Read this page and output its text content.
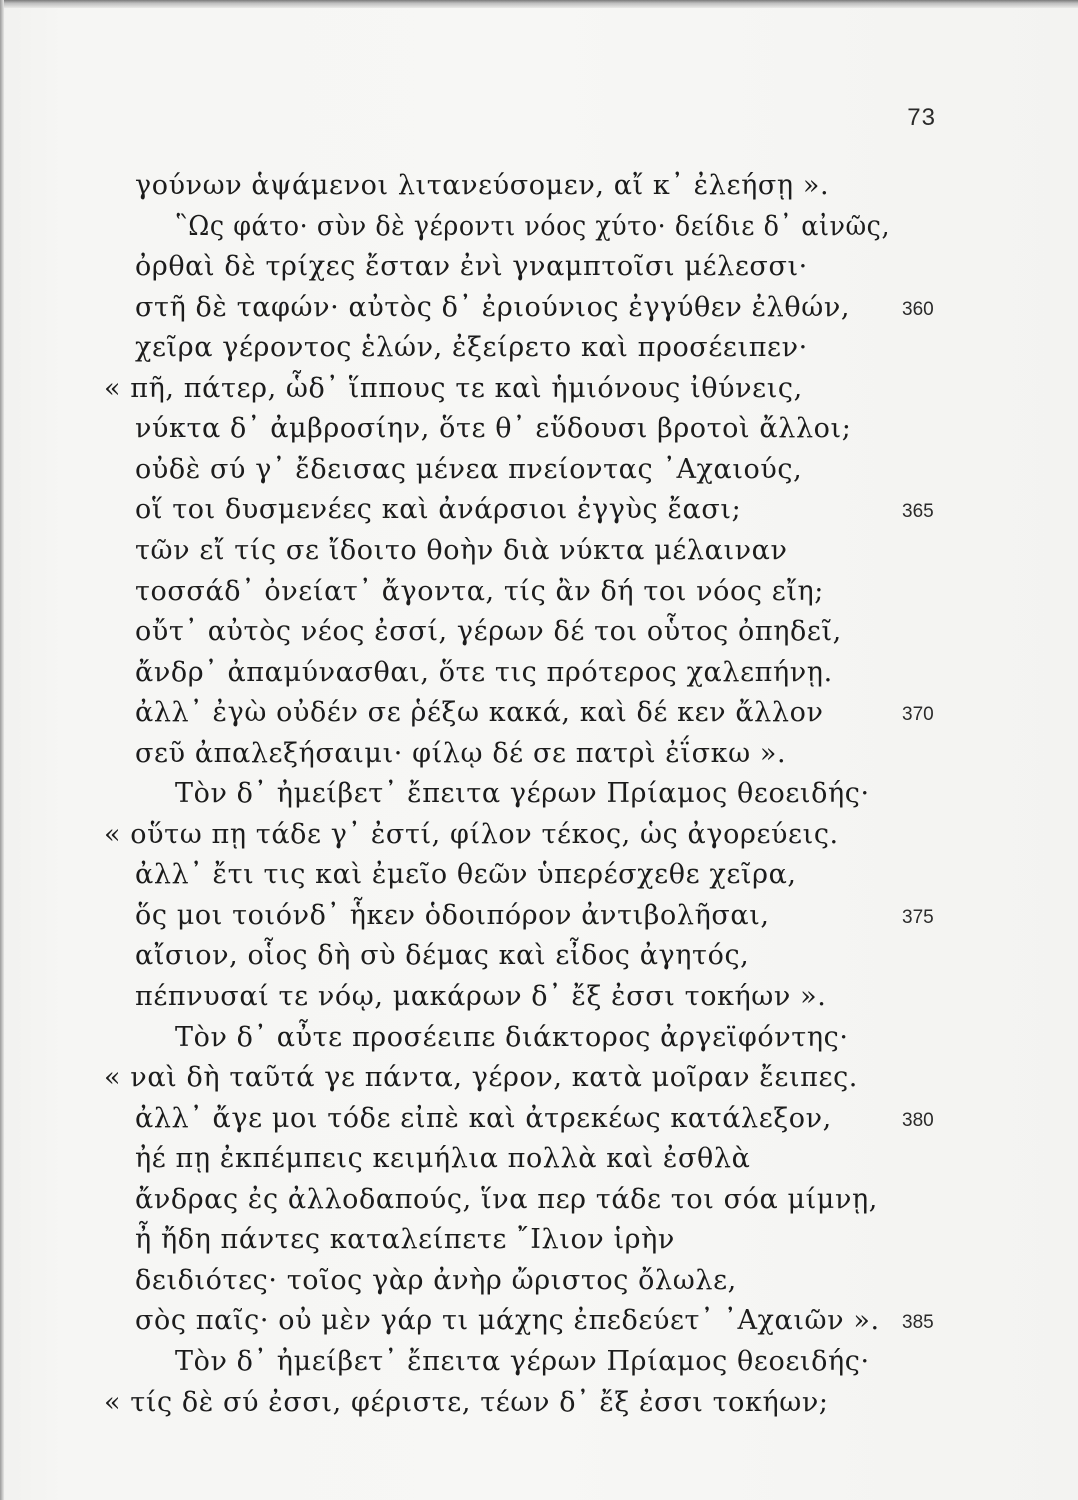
73
γούνων ἁψάμενοι λιτανεύσομεν, αἴ κ᾽ ἐλεήσῃ ».
῝Ως φάτο· σὺν δὲ γέροντι νόος χύτο· δείδιε δ᾽ αἰνῶς,
ὀρθαὶ δὲ τρίχες ἔσταν ἐνὶ γναμπτοῖσι μέλεσσι·
στῆ δὲ ταφών· αὐτὸς δ᾽ ἐριούνιος ἐγγύθεν ἐλθών,	360
χεῖρα γέροντος ἑλών, ἐξείρετο καὶ προσέειπεν·
« πῆ, πάτερ, ὧδ᾽ ἵππους τε καὶ ἡμιόνους ἰθύνεις,
νύκτα δ᾽ ἀμβροσίην, ὅτε θ᾽ εὕδουσι βροτοὶ ἄλλοι;
οὐδὲ σύ γ᾽ ἔδεισας μένεα πνείοντας ᾿Αχαιούς,
οἵ τοι δυσμενέες καὶ ἀνάρσιοι ἐγγὺς ἔασι;	365
τῶν εἴ τίς σε ἴδοιτο θοὴν διὰ νύκτα μέλαιναν
τοσσάδ᾽ ὀνείατ᾽ ἄγοντα, τίς ἂν δή τοι νόος εἴη;
οὔτ᾽ αὐτὸς νέος ἐσσί, γέρων δέ τοι οὗτος ὀπηδεῖ,
ἄνδρ᾽ ἀπαμύνασθαι, ὅτε τις πρότερος χαλεπήνῃ.
ἀλλ᾽ ἐγὼ οὐδέν σε ῥέξω κακά, καὶ δέ κεν ἄλλον	370
σεῦ ἀπαλεξήσαιμι· φίλῳ δέ σε πατρὶ ἐΐσκω ».
Τὸν δ᾽ ἠμείβετ᾽ ἔπειτα γέρων Πρίαμος θεοειδής·
« οὕτω πῃ τάδε γ᾽ ἐστί, φίλον τέκος, ὡς ἀγορεύεις.
ἀλλ᾽ ἔτι τις καὶ ἐμεῖο θεῶν ὑπερέσχεθε χεῖρα,
ὅς μοι τοιόνδ᾽ ἧκεν ὁδοιπόρον ἀντιβολῆσαι,	375
αἴσιον, οἷος δὴ σὺ δέμας καὶ εἶδος ἀγητός,
πέπνυσαί τε νόῳ, μακάρων δ᾽ ἔξ ἐσσι τοκήων ».
Τὸν δ᾽ αὖτε προσέειπε διάκτορος ἀργεϊφόντης·
« ναὶ δὴ ταῦτά γε πάντα, γέρον, κατὰ μοῖραν ἔειπες.
ἀλλ᾽ ἄγε μοι τόδε εἰπὲ καὶ ἀτρεκέως κατάλεξον,	380
ἠέ πῃ ἐκπέμπεις κειμήλια πολλὰ καὶ ἐσθλὰ
ἄνδρας ἐς ἀλλοδαπούς, ἵνα περ τάδε τοι σόα μίμνῃ,
ἦ ἤδη πάντες καταλείπετε ῎Ιλιον ἱρὴν
δειδιότες· τοῖος γὰρ ἀνὴρ ὤριστος ὄλωλε,
σὸς παῖς· οὐ μὲν γάρ τι μάχης ἐπεδεύετ᾽ ᾿Αχαιῶν ». 385
Τὸν δ᾽ ἠμείβετ᾽ ἔπειτα γέρων Πρίαμος θεοειδής·
« τίς δὲ σύ ἐσσι, φέριστε, τέων δ᾽ ἔξ ἐσσι τοκήων;
